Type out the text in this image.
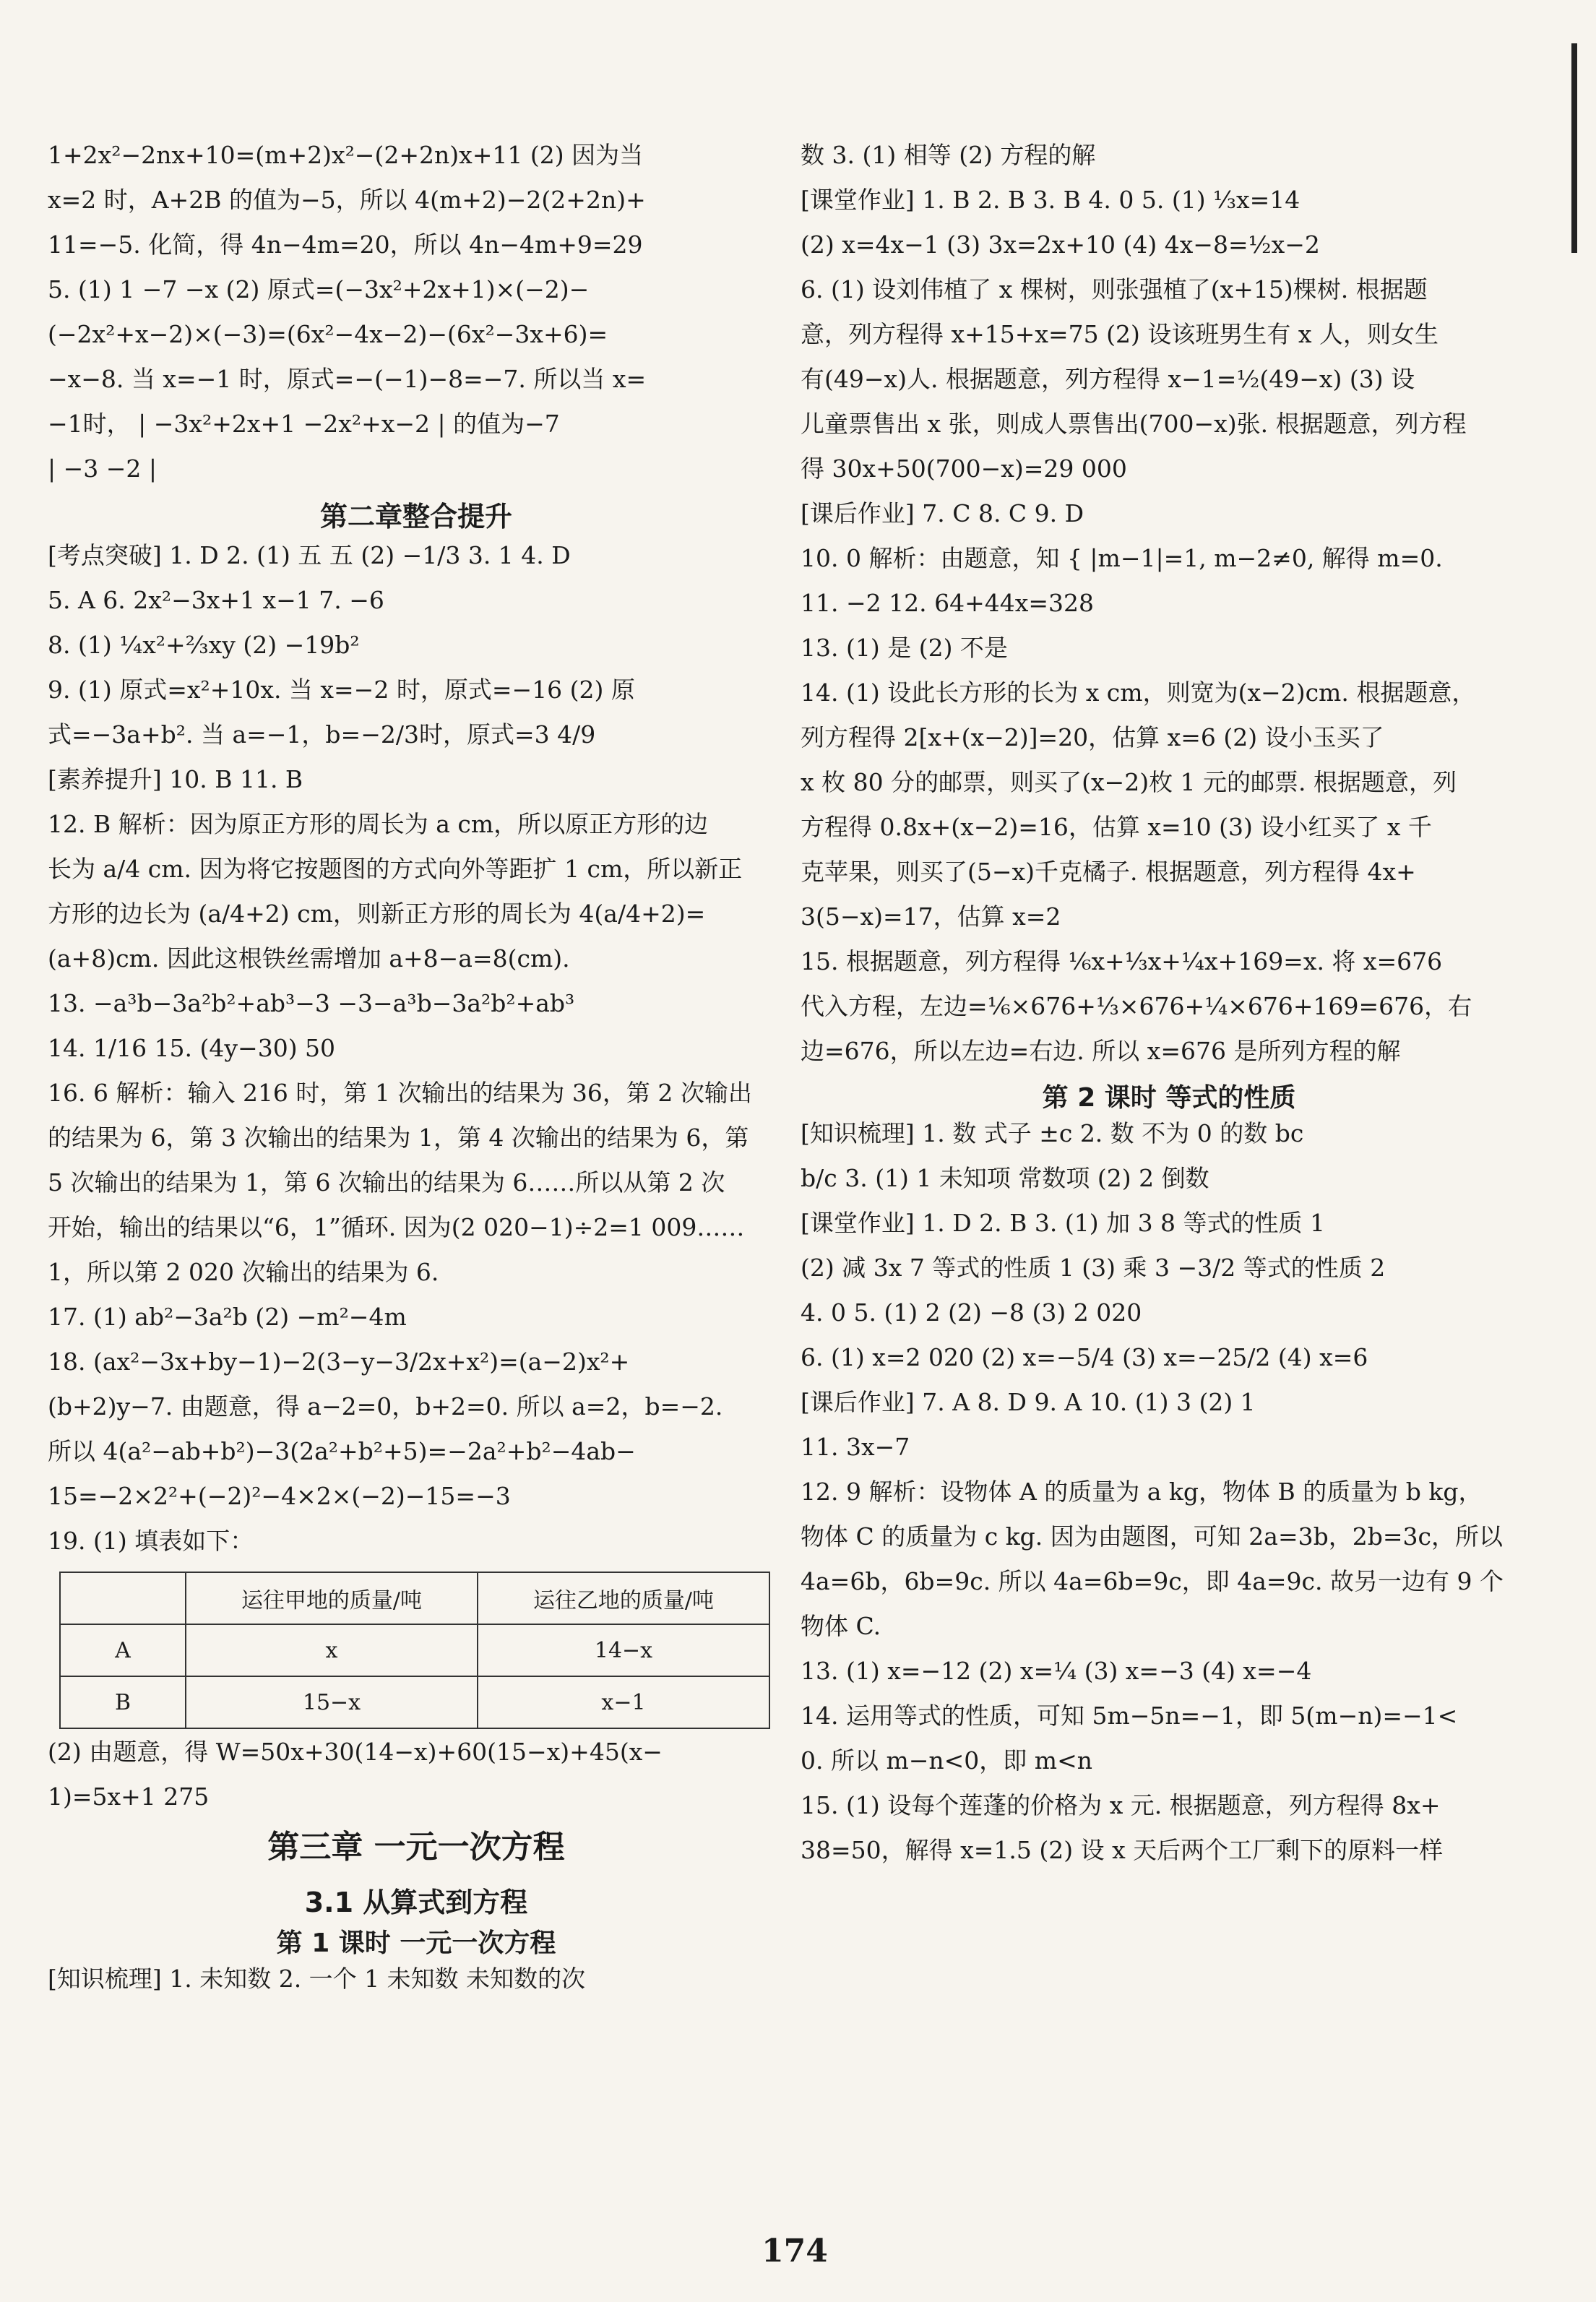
1+2x²−2nx+10=(m+2)x²−(2+2n)x+11 (2) 因为当
x=2 时，A+2B 的值为−5，所以 4(m+2)−2(2+2n)+
11=−5. 化简，得 4n−4m=20，所以 4n−4m+9=29
5. (1) 1 −7 −x (2) 原式=(−3x²+2x+1)×(−2)−
(−2x²+x−2)×(−3)=(6x²−4x−2)−(6x²−3x+6)=
−x−8. 当 x=−1 时，原式=−(−1)−8=−7. 所以当 x=
−1时， | −3x²+2x+1 −2x²+x−2 | 的值为−7
| −3 −2 |
第二章整合提升
[考点突破] 1. D 2. (1) 五 五 (2) −1/3 3. 1 4. D
5. A 6. 2x²−3x+1 x−1 7. −6
8. (1) ¼x²+⅔xy (2) −19b²
9. (1) 原式=x²+10x. 当 x=−2 时，原式=−16 (2) 原
式=−3a+b². 当 a=−1，b=−2/3时，原式=3 4/9
[素养提升] 10. B 11. B
12. B 解析：因为原正方形的周长为 a cm，所以原正方形的边
长为 a/4 cm. 因为将它按题图的方式向外等距扩 1 cm，所以新正
方形的边长为 (a/4+2) cm，则新正方形的周长为 4(a/4+2)=
(a+8)cm. 因此这根铁丝需增加 a+8−a=8(cm).
13. −a³b−3a²b²+ab³−3 −3−a³b−3a²b²+ab³
14. 1/16 15. (4y−30) 50
16. 6 解析：输入 216 时，第 1 次输出的结果为 36，第 2 次输出
的结果为 6，第 3 次输出的结果为 1，第 4 次输出的结果为 6，第
5 次输出的结果为 1，第 6 次输出的结果为 6……所以从第 2 次
开始，输出的结果以“6，1”循环. 因为(2 020−1)÷2=1 009……
1，所以第 2 020 次输出的结果为 6.
17. (1) ab²−3a²b (2) −m²−4m
18. (ax²−3x+by−1)−2(3−y−3/2x+x²)=(a−2)x²+
(b+2)y−7. 由题意，得 a−2=0，b+2=0. 所以 a=2，b=−2.
所以 4(a²−ab+b²)−3(2a²+b²+5)=−2a²+b²−4ab−
15=−2×2²+(−2)²−4×2×(−2)−15=−3
19. (1) 填表如下：
	运往甲地的质量/吨	运往乙地的质量/吨
A	x	14−x
B	15−x	x−1
(2) 由题意，得 W=50x+30(14−x)+60(15−x)+45(x−
1)=5x+1 275
第三章 一元一次方程
3.1 从算式到方程
第 1 课时 一元一次方程
[知识梳理] 1. 未知数 2. 一个 1 未知数 未知数的次
数 3. (1) 相等 (2) 方程的解
[课堂作业] 1. B 2. B 3. B 4. 0 5. (1) ⅓x=14
(2) x=4x−1 (3) 3x=2x+10 (4) 4x−8=½x−2
6. (1) 设刘伟植了 x 棵树，则张强植了(x+15)棵树. 根据题
意，列方程得 x+15+x=75 (2) 设该班男生有 x 人，则女生
有(49−x)人. 根据题意，列方程得 x−1=½(49−x) (3) 设
儿童票售出 x 张，则成人票售出(700−x)张. 根据题意，列方程
得 30x+50(700−x)=29 000
[课后作业] 7. C 8. C 9. D
10. 0 解析：由题意，知 { |m−1|=1, m−2≠0, 解得 m=0.
11. −2 12. 64+44x=328
13. (1) 是 (2) 不是
14. (1) 设此长方形的长为 x cm，则宽为(x−2)cm. 根据题意，
列方程得 2[x+(x−2)]=20，估算 x=6 (2) 设小玉买了
x 枚 80 分的邮票，则买了(x−2)枚 1 元的邮票. 根据题意，列
方程得 0.8x+(x−2)=16，估算 x=10 (3) 设小红买了 x 千
克苹果，则买了(5−x)千克橘子. 根据题意，列方程得 4x+
3(5−x)=17，估算 x=2
15. 根据题意，列方程得 ⅙x+⅓x+¼x+169=x. 将 x=676
代入方程，左边=⅙×676+⅓×676+¼×676+169=676，右
边=676，所以左边=右边. 所以 x=676 是所列方程的解
第 2 课时 等式的性质
[知识梳理] 1. 数 式子 ±c 2. 数 不为 0 的数 bc
b/c 3. (1) 1 未知项 常数项 (2) 2 倒数
[课堂作业] 1. D 2. B 3. (1) 加 3 8 等式的性质 1
(2) 减 3x 7 等式的性质 1 (3) 乘 3 −3/2 等式的性质 2
4. 0 5. (1) 2 (2) −8 (3) 2 020
6. (1) x=2 020 (2) x=−5/4 (3) x=−25/2 (4) x=6
[课后作业] 7. A 8. D 9. A 10. (1) 3 (2) 1
11. 3x−7
12. 9 解析：设物体 A 的质量为 a kg，物体 B 的质量为 b kg，
物体 C 的质量为 c kg. 因为由题图，可知 2a=3b，2b=3c，所以
4a=6b，6b=9c. 所以 4a=6b=9c，即 4a=9c. 故另一边有 9 个
物体 C.
13. (1) x=−12 (2) x=¼ (3) x=−3 (4) x=−4
14. 运用等式的性质，可知 5m−5n=−1，即 5(m−n)=−1<
0. 所以 m−n<0，即 m<n
15. (1) 设每个莲蓬的价格为 x 元. 根据题意，列方程得 8x+
38=50，解得 x=1.5 (2) 设 x 天后两个工厂剩下的原料一样
174
